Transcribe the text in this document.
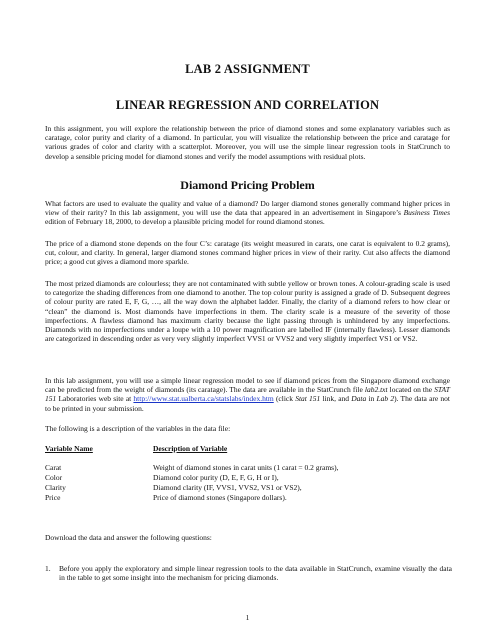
LAB 2 ASSIGNMENT
LINEAR REGRESSION AND CORRELATION

In this assignment, you will explore the relationship between the price of diamond stones and some explanatory variables such as caratage, color purity and clarity of a diamond. In particular, you will visualize the relationship between the price and caratage for various grades of color and clarity with a scatterplot. Moreover, you will use the simple linear regression tools in StatCrunch to develop a sensible pricing model for diamond stones and verify the model assumptions with residual plots.

Diamond Pricing Problem

What factors are used to evaluate the quality and value of a diamond? Do larger diamond stones generally command higher prices in view of their rarity? In this lab assignment, you will use the data that appeared in an advertisement in Singapore’s Business Times edition of February 18, 2000, to develop a plausible pricing model for round diamond stones.

The price of a diamond stone depends on the four C’s: caratage (its weight measured in carats, one carat is equivalent to 0.2 grams), cut, colour, and clarity. In general, larger diamond stones command higher prices in view of their rarity. Cut also affects the diamond price; a good cut gives a diamond more sparkle.

The most prized diamonds are colourless; they are not contaminated with subtle yellow or brown tones. A colour-grading scale is used to categorize the shading differences from one diamond to another. The top colour purity is assigned a grade of D. Subsequent degrees of colour purity are rated E, F, G, …, all the way down the alphabet ladder. Finally, the clarity of a diamond refers to how clear or “clean” the diamond is. Most diamonds have imperfections in them. The clarity scale is a measure of the severity of those imperfections. A flawless diamond has maximum clarity because the light passing through is unhindered by any imperfections. Diamonds with no imperfections under a loupe with a 10 power magnification are labelled IF (internally flawless). Lesser diamonds are categorized in descending order as very very slightly imperfect VVS1 or VVS2 and very slightly imperfect VS1 or VS2.

In this lab assignment, you will use a simple linear regression model to see if diamond prices from the Singapore diamond exchange can be predicted from the weight of diamonds (its caratage). The data are available in the StatCrunch file lab2.txt located on the STAT 151 Laboratories web site at http://www.stat.ualberta.ca/statslabs/index.htm (click Stat 151 link, and Data in Lab 2). The data are not to be printed in your submission.

The following is a description of the variables in the data file:

Variable Name	Description of Variable
Carat	Weight of diamond stones in carat units (1 carat = 0.2 grams),
Color	Diamond color purity (D, E, F, G, H or I),
Clarity	Diamond clarity (IF, VVS1, VVS2, VS1 or VS2),
Price	Price of diamond stones (Singapore dollars).

Download the data and answer the following questions:

1. Before you apply the exploratory and simple linear regression tools to the data available in StatCrunch, examine visually the data in the table to get some insight into the mechanism for pricing diamonds.

1
